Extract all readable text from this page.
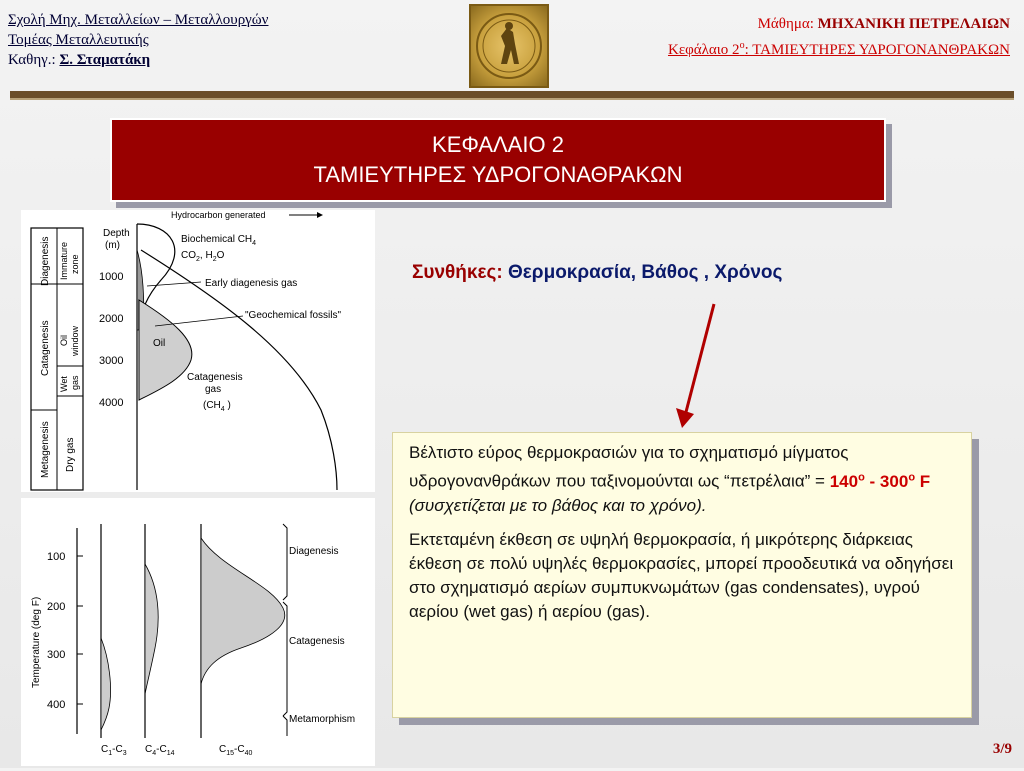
Σχολή Μηχ. Μεταλλείων – Μεταλλουργών
Τομέας Μεταλλευτικής
Καθηγ.: Σ. Σταματάκη
Μάθημα: ΜΗΧΑΝΙΚΗ ΠΕΤΡΕΛΑΙΩΝ
Κεφάλαιο $2^o$: ΤΑΜΙΕΥΤΗΡΕΣ ΥΔΡΟΓΟΝΑΝΘΡΑΚΩΝ
ΚΕΦΑΛΑΙΟ 2
ΤΑΜΙΕΥΤΗΡΕΣ ΥΔΡΟΓΟΝΑΘΡΑΚΩΝ
Diagenesis
Catagenesis
Metagenesis
Immature zone
Oil window
Wet gas
Dry gas
Depth
(m)
1000
2000
3000
4000
Hydrocarbon generated
Biochemical $CH_4$
$CO_2$, $H_2O$
Early diagenesis gas
"Geochemical fossils"
Oil
Catagenesis
gas
($CH_4$ )
Temperature (deg F)
100
200
300
400
Diagenesis
Catagenesis
Metamorphism
$C_1-C_3$ $C_4-C_{14}$	$C_{15}-C_{40}$
Συνθήκες: Θερμοκρασία, Βάθος , Χρόνος

Βέλτιστο εύρος θερμοκρασιών για το σχηματισμό μίγματος υδρογονανθράκων που ταξινομούνται ως “πετρέλαια” = $140^o - 300^o$ F (συσχετίζεται με το βάθος και το χρόνο).

Εκτεταμένη έκθεση σε υψηλή θερμοκρασία, ή μικρότερης διάρκειας έκθεση σε πολύ υψηλές θερμοκρασίες, μπορεί προοδευτικά να οδηγήσει στο σχηματισμό αερίων συμπυκνωμάτων (gas condensates), υγρού αερίου (wet gas) ή αερίου (gas).

3/9
